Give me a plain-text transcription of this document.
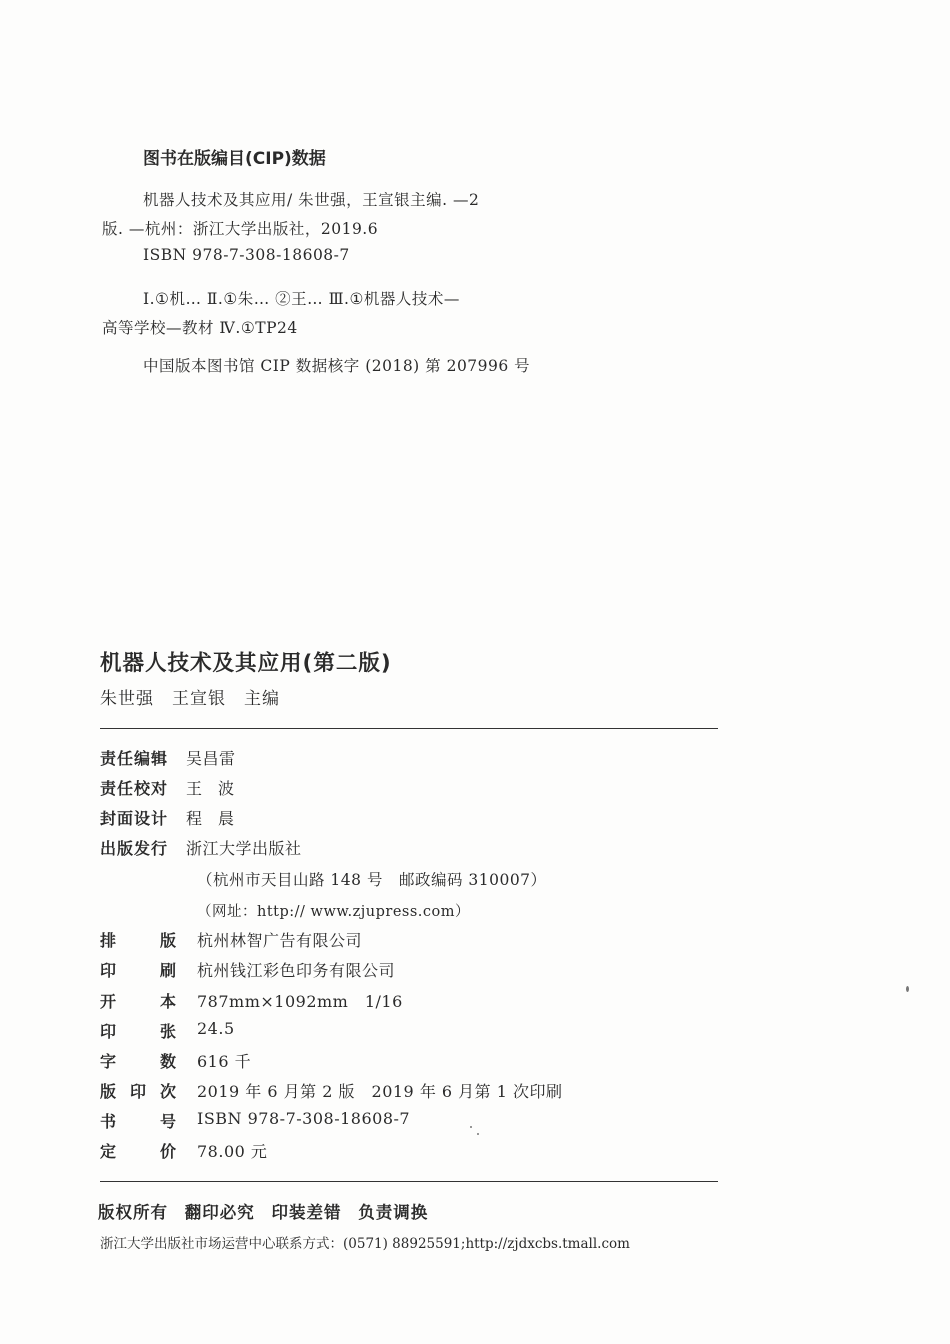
图书在版编目(CIP)数据
机器人技术及其应用/ 朱世强，王宣银主编. —2
版. —杭州：浙江大学出版社，2019.6
ISBN 978-7-308-18608-7
Ⅰ.①机… Ⅱ.①朱… ②王… Ⅲ.①机器人技术—
高等学校—教材 Ⅳ.①TP24
中国版本图书馆 CIP 数据核字 (2018) 第 207996 号
机器人技术及其应用(第二版)
朱世强　王宣银　主编
责任编辑	吴昌雷
责任校对	王波
封面设计	程晨
出版发行	浙江大学出版社
（杭州市天目山路 148 号　邮政编码 310007）
（网址：http:// www.zjupress.com）
排	版 杭州林智广告有限公司
印	刷 杭州钱江彩色印务有限公司
开	本 787mm×1092mm　1/16
印	张 24.5
字	数 616 千
版 印 次 2019 年 6 月第 2 版　2019 年 6 月第 1 次印刷
书	号 ISBN 978-7-308-18608-7
定	价 78.00 元
版权所有 翻印必究 印装差错 负责调换
浙江大学出版社市场运营中心联系方式：(0571) 88925591;http://zjdxcbs.tmall.com
